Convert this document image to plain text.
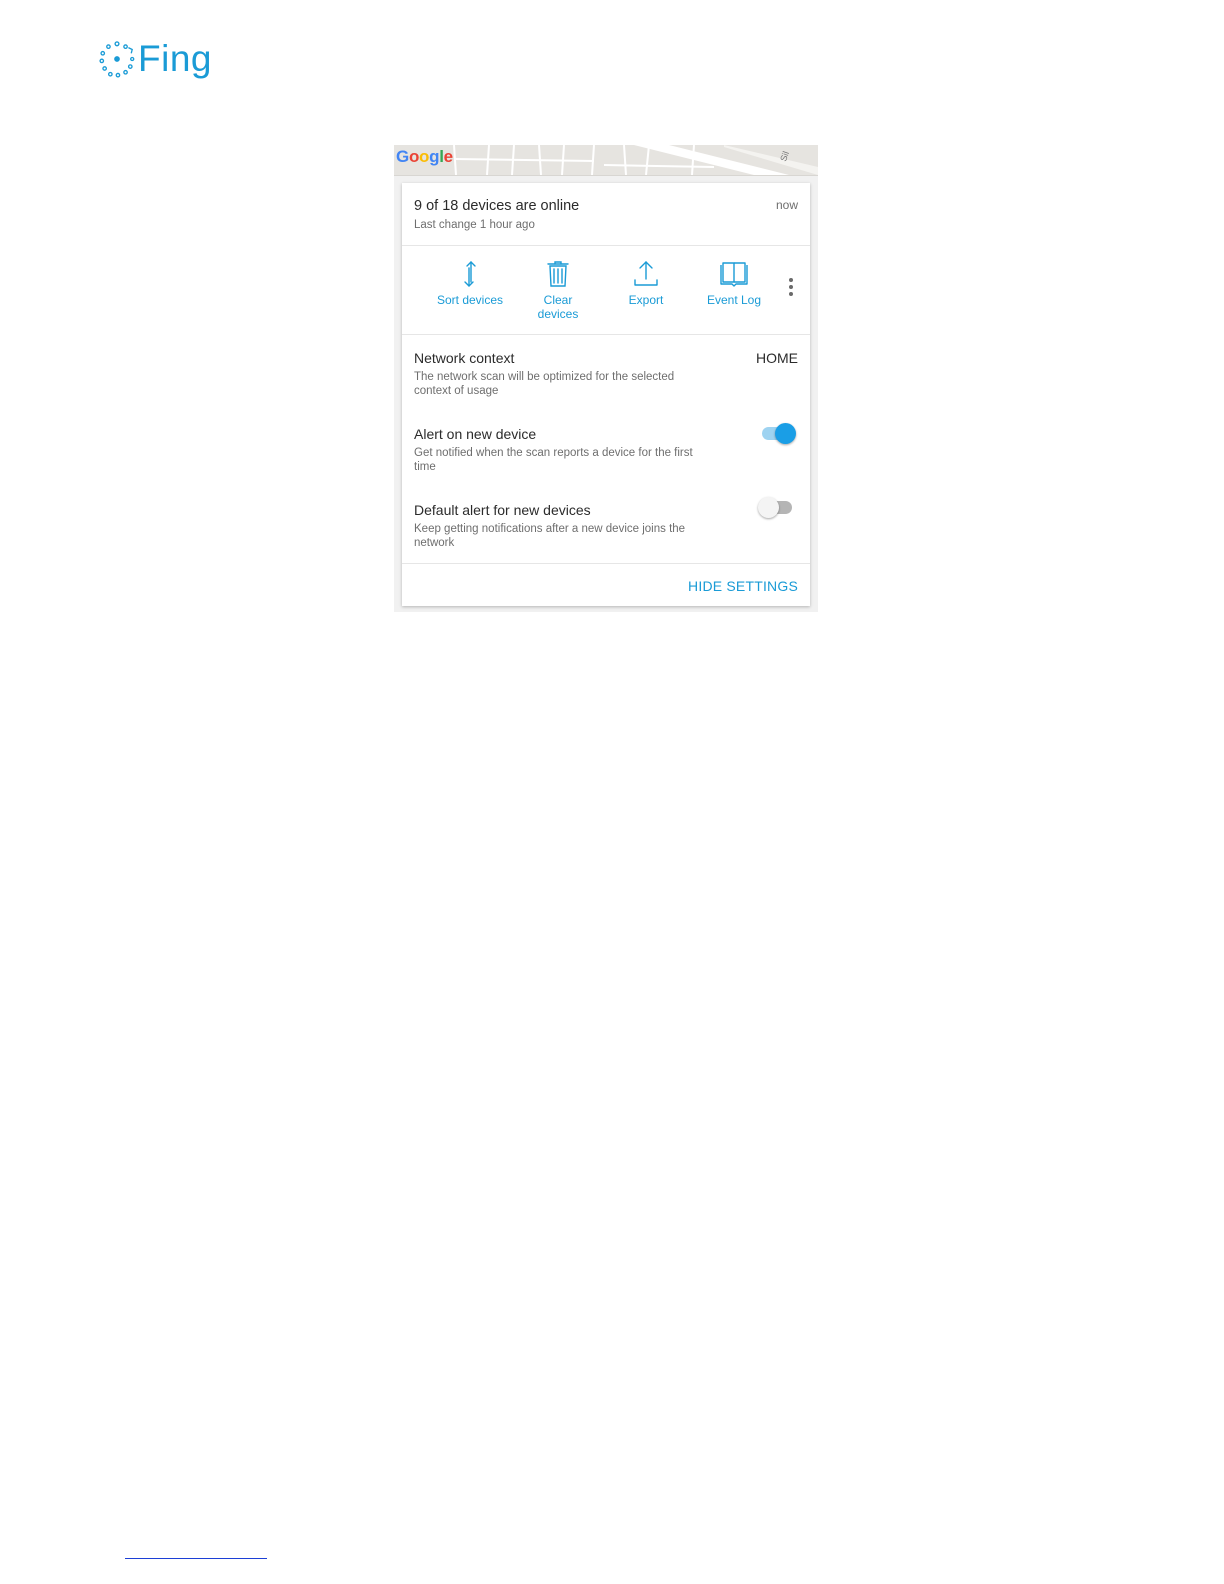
Fing
Sil
Google
9 of 18 devices are online
Last change 1 hour ago
now
Sort devices	Clear
devices
Export	Event Log
Network context
The network scan will be optimized for the selected context of usage
HOME
Alert on new device
Get notified when the scan reports a device for the first time
Default alert for new devices
Keep getting notifications after a new device joins the network
HIDE SETTINGS
